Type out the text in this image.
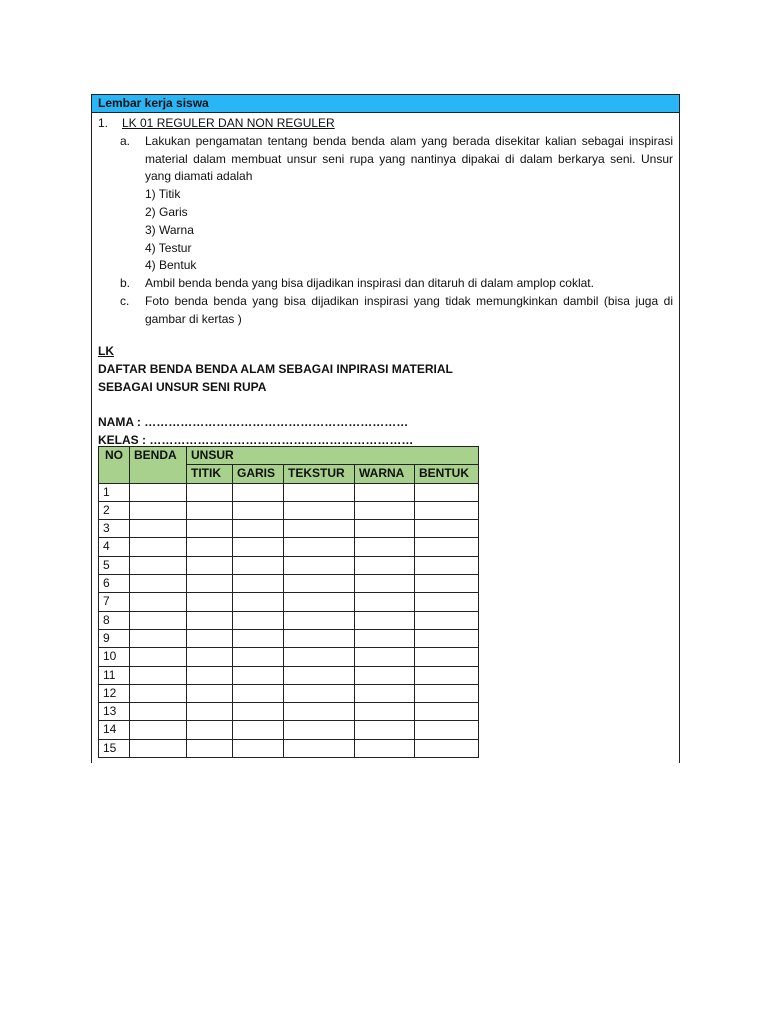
Lembar kerja siswa
1. LK 01 REGULER DAN NON REGULER
a.	Lakukan pengamatan tentang benda benda alam yang berada disekitar kalian sebagai inspirasi material dalam membuat unsur seni rupa yang nantinya dipakai di dalam berkarya seni. Unsur yang diamati adalah
1) Titik
2) Garis
3) Warna
4) Testur
4) Bentuk
b.	Ambil benda benda yang bisa dijadikan inspirasi dan ditaruh di dalam amplop coklat.
c.	Foto benda benda yang bisa dijadikan inspirasi yang tidak memungkinkan dambil (bisa juga di gambar di kertas )
LK
DAFTAR BENDA BENDA ALAM SEBAGAI INPIRASI MATERIAL
SEBAGAI UNSUR SENI RUPA
NAMA : …………………………………………………………
KELAS : …………………………………………………………
NO	BENDA	UNSUR				
		TITIK	GARIS	TEKSTUR	WARNA	BENTUK
1						
2						
3						
4						
5						
6						
7						
8						
9						
10						
11						
12						
13						
14						
15						
